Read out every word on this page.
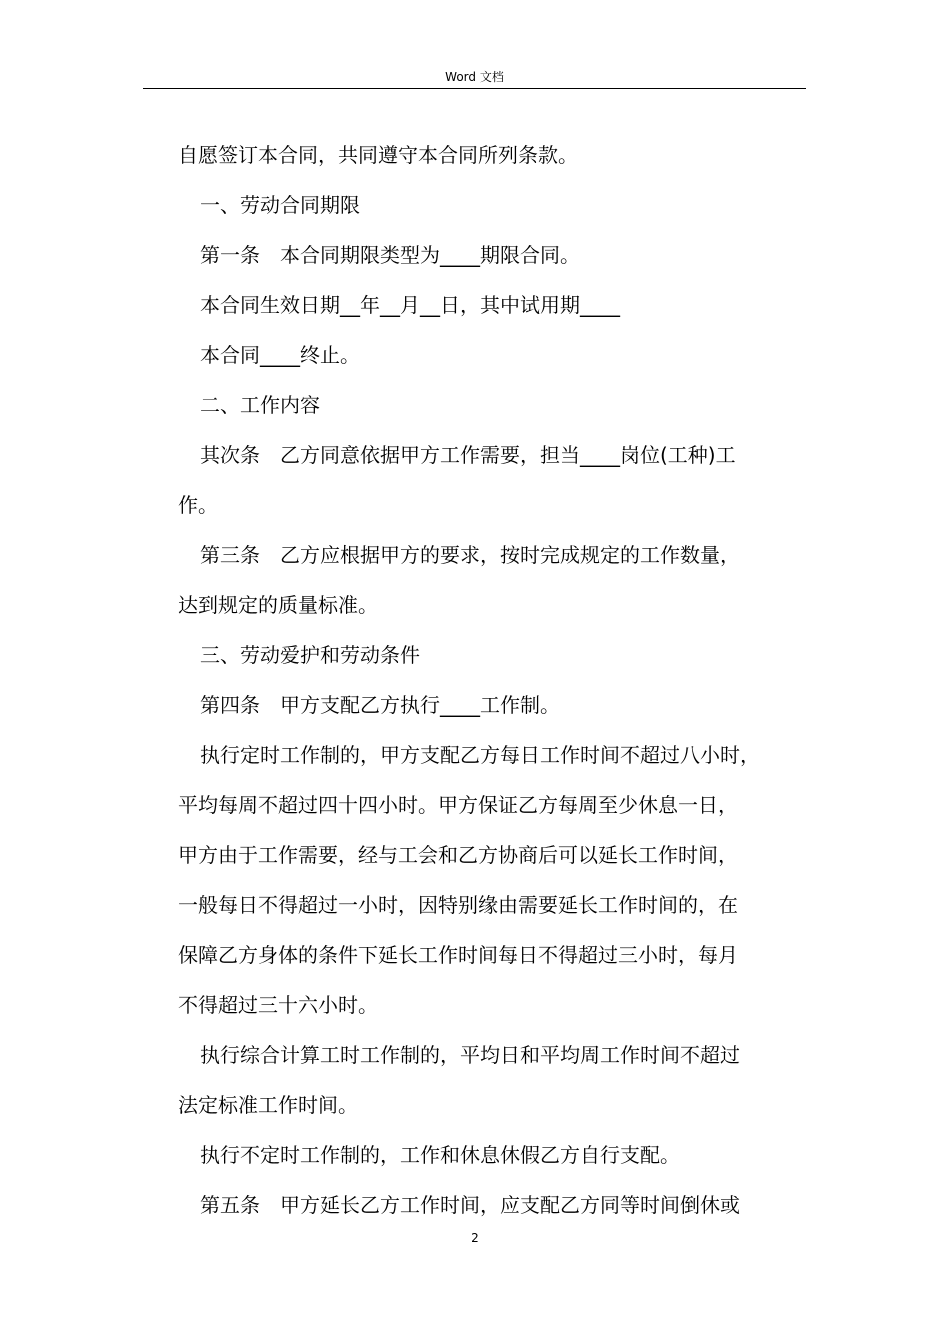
Word 文档

自愿签订本合同，共同遵守本合同所列条款。

一、劳动合同期限

第一条　本合同期限类型为____期限合同。

本合同生效日期__年__月__日，其中试用期____

本合同____终止。

二、工作内容

其次条　乙方同意依据甲方工作需要，担当____岗位(工种)工

作。

第三条　乙方应根据甲方的要求，按时完成规定的工作数量，

达到规定的质量标准。

三、劳动爱护和劳动条件

第四条　甲方支配乙方执行____工作制。

执行定时工作制的，甲方支配乙方每日工作时间不超过八小时，

平均每周不超过四十四小时。甲方保证乙方每周至少休息一日，

甲方由于工作需要，经与工会和乙方协商后可以延长工作时间，

一般每日不得超过一小时，因特别缘由需要延长工作时间的，在

保障乙方身体的条件下延长工作时间每日不得超过三小时，每月

不得超过三十六小时。

执行综合计算工时工作制的，平均日和平均周工作时间不超过

法定标准工作时间。

执行不定时工作制的，工作和休息休假乙方自行支配。

第五条　甲方延长乙方工作时间，应支配乙方同等时间倒休或

2
